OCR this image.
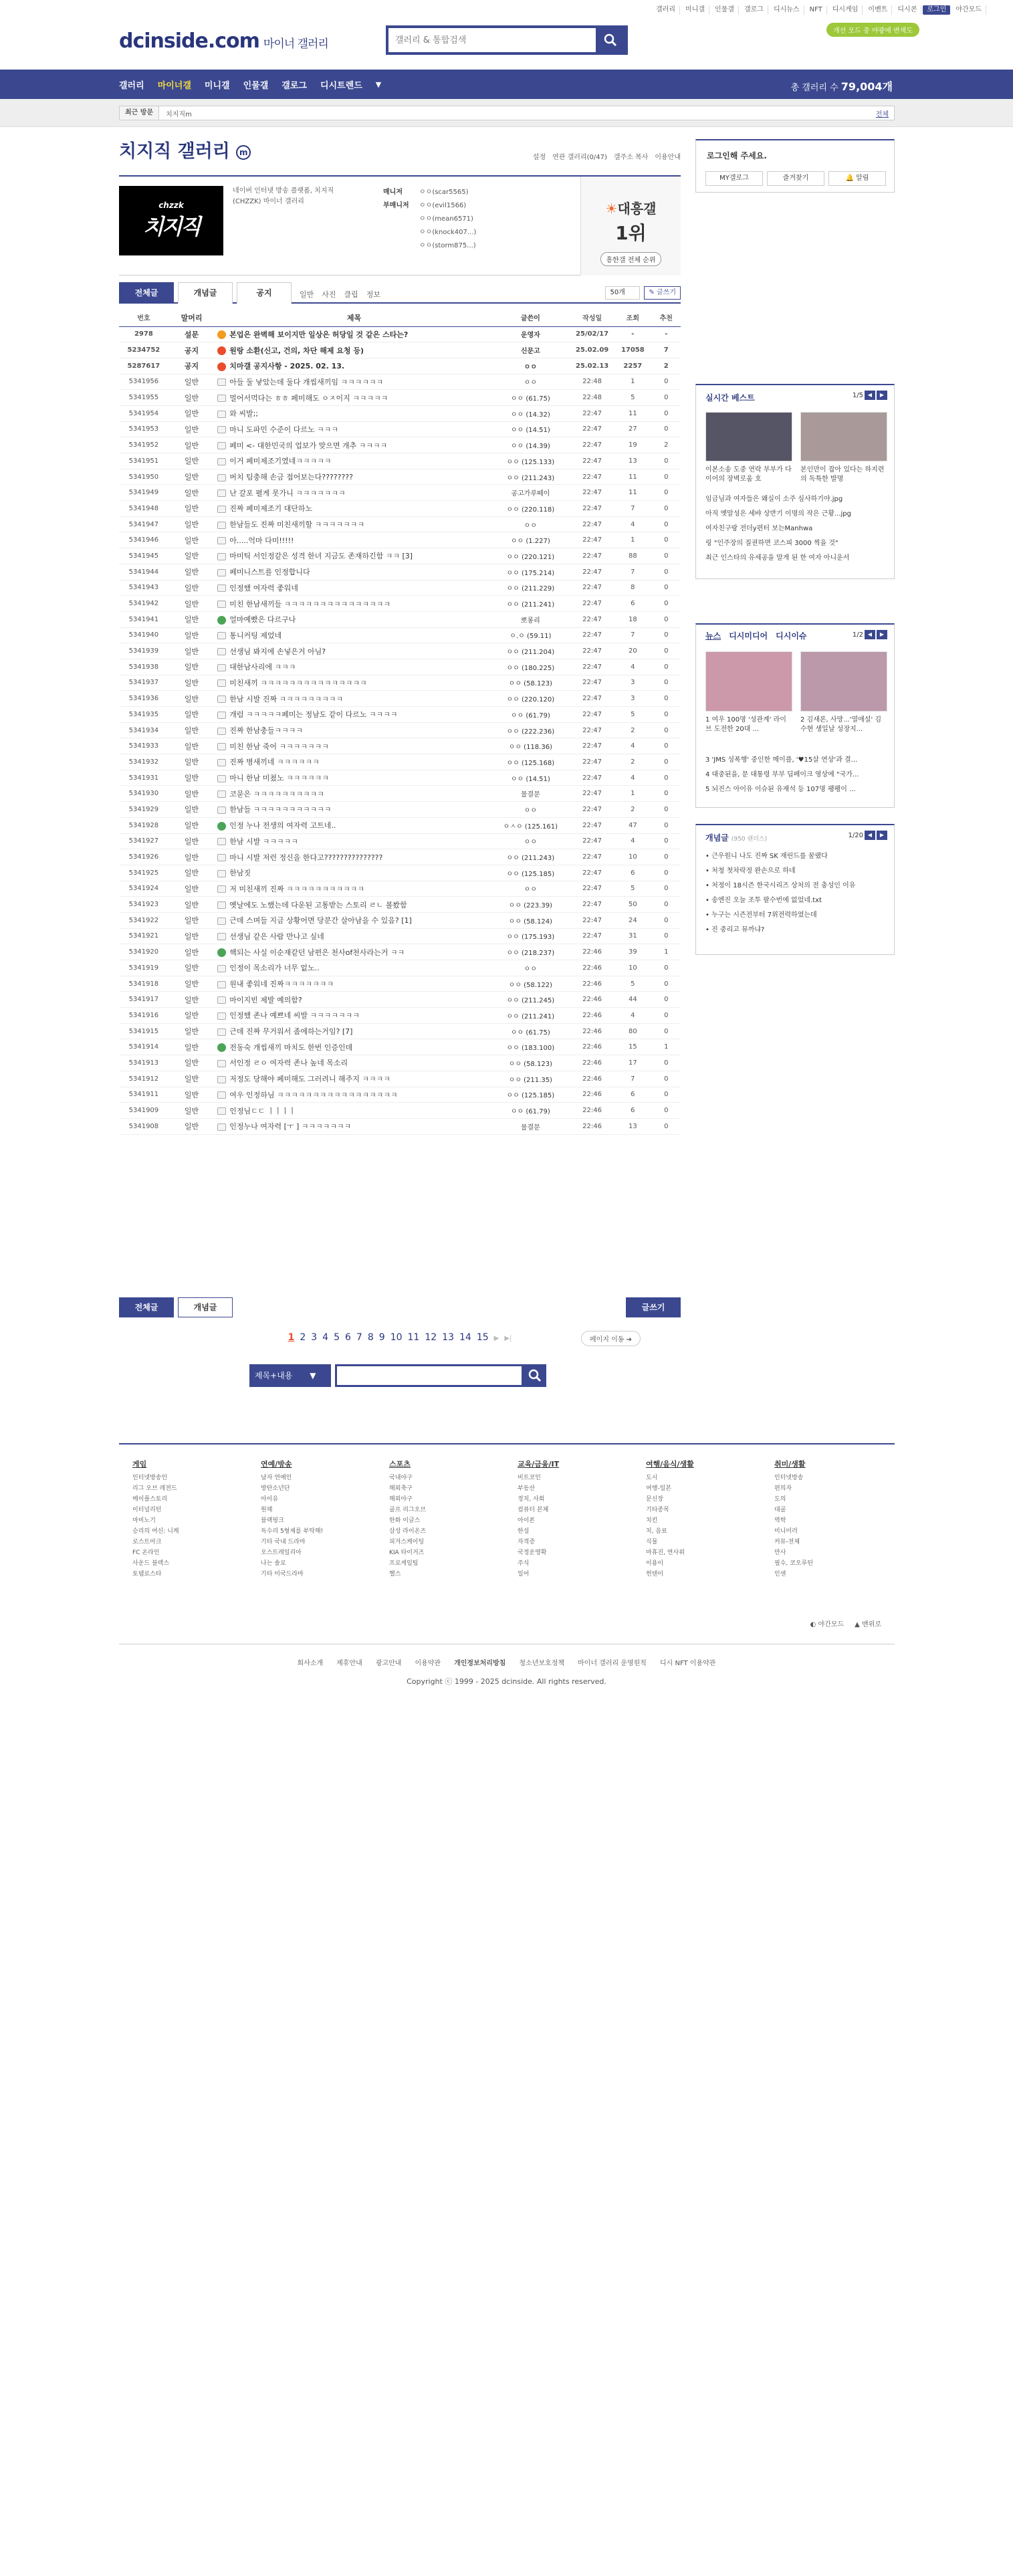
갤러리	미니갤	인물갤	갤로그	디시뉴스	NFT	디시게임	이벤트	디시콘	로그인	야간모드
dcinside.com 마이너 갤러리
갤러리 & 통합검색
개선 모드 중 야광에 변색도
갤러리 마이너갤 미니갤 인물갤 갤로그 디시트렌드 ▼	총 갤러리 수 79,004개
최근 방문	치지직m	전체
치지직 갤러리 m
설정 연관 갤러리(0/47) 갤주소 복사 이용안내
chzzk
치지직
네이버 인터넷 방송 플랫폼, 치지직(CHZZK) 마이너 갤러리
매니저	ㅇㅇ(scar5565)
부매니저 ㅇㅇ(evil1566)
ㅇㅇ(mean6571)
ㅇㅇ(knock407...)
ㅇㅇ(storm875...)
☀대흥갤
1위
흥한갤 전체 순위
전체글	개념글	공지	일반 사진 클립 정보	50개	✎ 글쓰기
번호	말머리	제목	글쓴이	작성일	조회	추천
2978	설문	본업은 완벽해 보이지만 일상은 허당일 것 같은 스타는?	운영자	25/02/17	-	-
5234752	공지	원랑 소환(신고, 건의, 차단 해제 요청 등)	신문고	25.02.09	17058	7
5287617	공지	치마갤 공지사항 - 2025. 02. 13.	ㅇㅇ	25.02.13	2257	2
5341956	일반	아들 둘 낳았는데 둘다 개씹새끼임 ㅋㅋㅋㅋㅋㅋ	ㅇㅇ	22:48	1	0
5341955	일반	멀어서먹다는 ㅎㅎ 페미해도 ㅇㅈ이지 ㅋㅋㅋㅋㅋ	ㅇㅇ (61.75)	22:48	5	0
5341954	일반	와 씨발;;	ㅇㅇ (14.32)	22:47	11	0
5341953	일반	마니 도파민 수준이 다르노 ㅋㅋㅋ	ㅇㅇ (14.51)	22:47	27	0
5341952	일반	페미 <- 대한민국의 업보가 맞으면 개추 ㅋㅋㅋㅋ	ㅇㅇ (14.39)	22:47	19	2
5341951	일반	이거 페미제조기였네ㅋㅋㅋㅋㅋ	ㅇㅇ (125.133)	22:47	13	0
5341950	일반	버치 팀충해 손금 접어보는다????????	ㅇㅇ (211.243)	22:47	11	0
5341949	일반	난 갈포 펼게 못가니 ㅋㅋㅋㅋㅋㅋㅋ	공고가루떼이	22:47	11	0
5341948	일반	진짜 페미제조기 대단하노	ㅇㅇ (220.118)	22:47	7	0
5341947	일반	한남들도 진짜 미친새끼할 ㅋㅋㅋㅋㅋㅋㅋ	ㅇㅇ	22:47	4	0
5341946	일반	아.....억마 다미!!!!!	ㅇㅇ (1.227)	22:47	1	0
5341945	일반	마미틱 서인정같은 성격 한녀 지금도 존재하긴함 ㅋㅋ [3]	ㅇㅇ (220.121)	22:47	88	0
5341944	일반	페미니스트를 인정합니다	ㅇㅇ (175.214)	22:47	7	0
5341943	일반	인정했 여자력 좋워네	ㅇㅇ (211.229)	22:47	8	0
5341942	일반	미친 한남새끼들 ㅋㅋㅋㅋㅋㅋㅋㅋㅋㅋㅋㅋㅋㅋㅋ	ㅇㅇ (211.241)	22:47	6	0
5341941	일반	얼마예빴은 다르구나	뽀롱리	22:47	18	0
5341940	일반	통니커팅 제었네	ㅇ.ㅇ (59.11)	22:47	7	0
5341939	일반	선생님 봐지에 손넣은거 아님?	ㅇㅇ (211.204)	22:47	20	0
5341938	일반	대한남사리에 ㅋㅋㅋ	ㅇㅇ (180.225)	22:47	4	0
5341937	일반	미친새끼 ㅋㅋㅋㅋㅋㅋㅋㅋㅋㅋㅋㅋㅋㅋㅋ	ㅇㅇ (58.123)	22:47	3	0
5341936	일반	한남 시발 진짜 ㅋㅋㅋㅋㅋㅋㅋㅋㅋ	ㅇㅇ (220.120)	22:47	3	0
5341935	일반	개럼 ㅋㅋㅋㅋㅋ페미는 정남도 같이 다르노 ㅋㅋㅋㅋ	ㅇㅇ (61.79)	22:47	5	0
5341934	일반	진짜 한남충들ㅋㅋㅋㅋ	ㅇㅇ (222.236)	22:47	2	0
5341933	일반	미친 한남 죽어 ㅋㅋㅋㅋㅋㅋㅋ	ㅇㅇ (118.36)	22:47	4	0
5341932	일반	진짜 병새끼네 ㅋㅋㅋㅋㅋㅋ	ㅇㅇ (125.168)	22:47	2	0
5341931	일반	마니 한남 미쳤노 ㅋㅋㅋㅋㅋㅋ	ㅇㅇ (14.51)	22:47	4	0
5341930	일반	코묻은 ㅋㅋㅋㅋㅋㅋㅋㅋㅋㅋ	물결문	22:47	1	0
5341929	일반	한남들 ㅋㅋㅋㅋㅋㅋㅋㅋㅋㅋㅋ	ㅇㅇ	22:47	2	0
5341928	일반	인정 누나 전생의 여자력 고트네..	ㅇㅅㅇ (125.161)	22:47	47	0
5341927	일반	한남 시발 ㅋㅋㅋㅋㅋ	ㅇㅇ	22:47	4	0
5341926	일반	마니 시발 저런 정신을 한다고???????????????	ㅇㅇ (211.243)	22:47	10	0
5341925	일반	한남짓	ㅇㅇ (125.185)	22:47	6	0
5341924	일반	저 미친새끼 진짜 ㅋㅋㅋㅋㅋㅋㅋㅋㅋㅋㅋ	ㅇㅇ	22:47	5	0
5341923	일반	옛날에도 노했는데 다운된 고통받는 스토리 ㄹㄴ 볼봤함	ㅇㅇ (223.39)	22:47	50	0
5341922	일반	근데 스며들 지금 상황어면 당분간 살아남을 수 있음? [1]	ㅇㅇ (58.124)	22:47	24	0
5341921	일반	선생님 같은 사람 만나고 싶네	ㅇㅇ (175.193)	22:47	31	0
5341920	일반	핵되는 사실 이순재같던 남편은 천사of천사라는거 ㅋㅋ	ㅇㅇ (218.237)	22:46	39	1
5341919	일반	인정이 목소리가 너무 없노..	ㅇㅇ	22:46	10	0
5341918	일반	원내 좋워네 진짜ㅋㅋㅋㅋㅋㅋㅋ	ㅇㅇ (58.122)	22:46	5	0
5341917	일반	마이지빈 제발 예의함?	ㅇㅇ (211.245)	22:46	44	0
5341916	일반	인정했 존나 예쁘네 씨발 ㅋㅋㅋㅋㅋㅋㅋ	ㅇㅇ (211.241)	22:46	4	0
5341915	일반	근데 진짜 무거워서 좀에하는거임? [7]	ㅇㅇ (61.75)	22:46	80	0
5341914	일반	전동숙 개씹새끼 마치도 한번 인증인데	ㅇㅇ (183.100)	22:46	15	1
5341913	일반	서인정 ㄹㅇ 여자력 존나 높네 목소리	ㅇㅇ (58.123)	22:46	17	0
5341912	일반	저정도 당해야 페미해도 그러려니 해주지 ㅋㅋㅋㅋ	ㅇㅇ (211.35)	22:46	7	0
5341911	일반	여우 인정하님 ㅋㅋㅋㅋㅋㅋㅋㅋㅋㅋㅋㅋㅋㅋㅋㅋㅋ	ㅇㅇ (125.185)	22:46	6	0
5341909	일반	인정님ㄷㄷ ㅣㅣㅣㅣ	ㅇㅇ (61.79)	22:46	6	0
5341908	일반	인정누나 여자력 [ㅜ ] ㅋㅋㅋㅋㅋㅋㅋ	물결문	22:46	13	0
전체글	개념글	글쓰기
1 2 3 4 5 6 7 8 9 10 11 12 13 14 15 ▶ ▶|	페이지 이동 ➔
제목+내용 ▼
로그인해 주세요.
MY갤로그	즐겨찾기	🔔 알림
실시간 베스트	1/5 ◀	▶
이본소송 도중 연락 부부가 다 이어의 장벽로움 호
본인만이 잡아 있다는 하지련의 독특한 발명
임금님과 여자들은 왜실이 소주 심사하기야.jpg
아직 옛말성은 세뱌 상반기 이명의 작은 근황...jpg
여자친구랑 전더y편터 보는Manhwa
링 "인주장의 질권하면 코스피 3000 찍을 것"
최근 인스타의 유세공을 말게 된 한 여자 아니운서
뉴스 디시미디어 디시이슈	1/2 ◀	▶
1 여우 100명 '성관계' 라이브 도전한 20대 ...
2 김새론, 사망...'열애설' 김수현 생일날 성장지...
3 'JMS 성폭행' 중인한 메이플, '♥15살 연상'과 결...
4 대중된을, 문 대통령 부부 딥페이크 영상에 "국가...
5 뇌진스 아이유 이슈된 유재석 등 107명 팽팽이 ...
개념글 (950 랜더스)
1/20 ◀	▶
• 근우원니 나도 진짜 SK 재린드를 꿈랬다
• 처청 첫차락정 완손으로 하네
• 처정이 18시즌 한국시리즈 상처의 전 충성인 이유
• 송엔진 오늘 조투 팔수번에 없었네.txt
• 누구는 시즌전부터 7위전력하였는데
• 진 중리고 뮤까냐?
게임
인터넷방송인
리그 오브 레전드
메이플스토리
이터널리턴
마비노기
승리의 여신: 니케
로스트아크
FC 온라인
사운드 블렉스
토템로스타
연예/방송
남자 연예인
방탄소년단
아이유
원헤
블랙핑크
독수리 5형제를 부탁해!
기타 국내 드라마
오스트레일리아
나는 솔로
기타 미국드라마
스포츠
국내야구
해외축구
해외야구
골프 리그오브
한화 이글스
삼성 라이온즈
피겨스케이팅
KIA 타이거즈
프로게임팀
헬스
교육/금융/IT
비트코인
부동산
정치, 사회
컴퓨터 본체
아이폰
한섬
자격증
국정운영확
주식
일어
여행/음식/생활
도시
여행-일본
문신장
기타종목
치킨
치, 음료
식물
마휴진, 연사위
이용이
헌텐이
취미/생활
인터넷방송
편의자
도의
대골
역학
미니미러
커뮤-전체
만사
필수, 코오루틴
인센
◐ 야간모드 ▲ 맨위로
회사소개 제휴안내 광고안내 이용약관 개인정보처리방침 청소년보호정책 마이너 갤러리 운영원칙 디시 NFT 이용약관
Copyright ⓒ 1999 - 2025 dcinside. All rights reserved.
